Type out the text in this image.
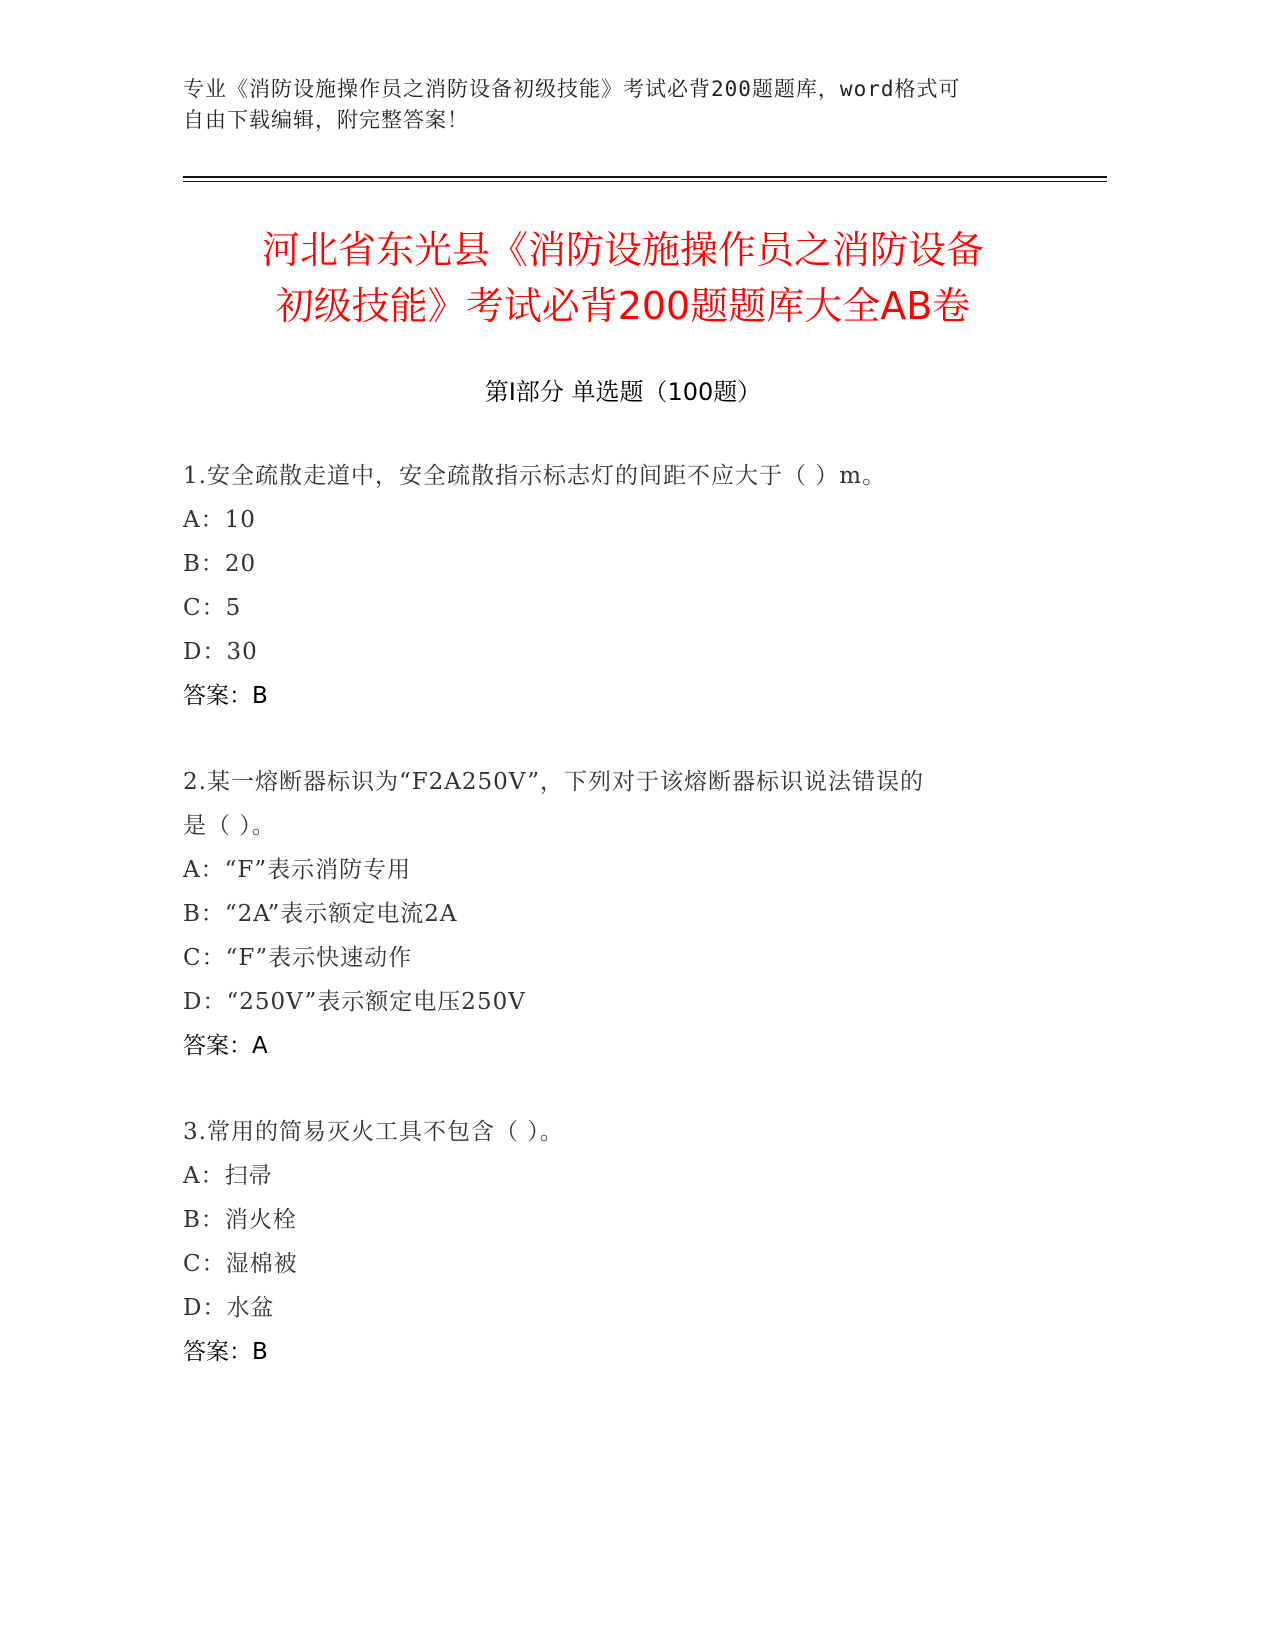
专业《消防设施操作员之消防设备初级技能》考试必背200题题库，word格式可
自由下载编辑，附完整答案！
河北省东光县《消防设施操作员之消防设备
初级技能》考试必背200题题库大全AB卷
第Ⅰ部分 单选题（100题）

1.安全疏散走道中，安全疏散指示标志灯的间距不应大于（ ）m。

A：10

B：20

C：5

D：30

答案：B

2.某一熔断器标识为“F2A250V”，下列对于该熔断器标识说法错误的

是（ ）。

A：“F”表示消防专用

B：“2A”表示额定电流2A

C：“F”表示快速动作

D：“250V”表示额定电压250V

答案：A

3.常用的简易灭火工具不包含（ ）。

A：扫帚

B：消火栓

C：湿棉被

D：水盆

答案：B
